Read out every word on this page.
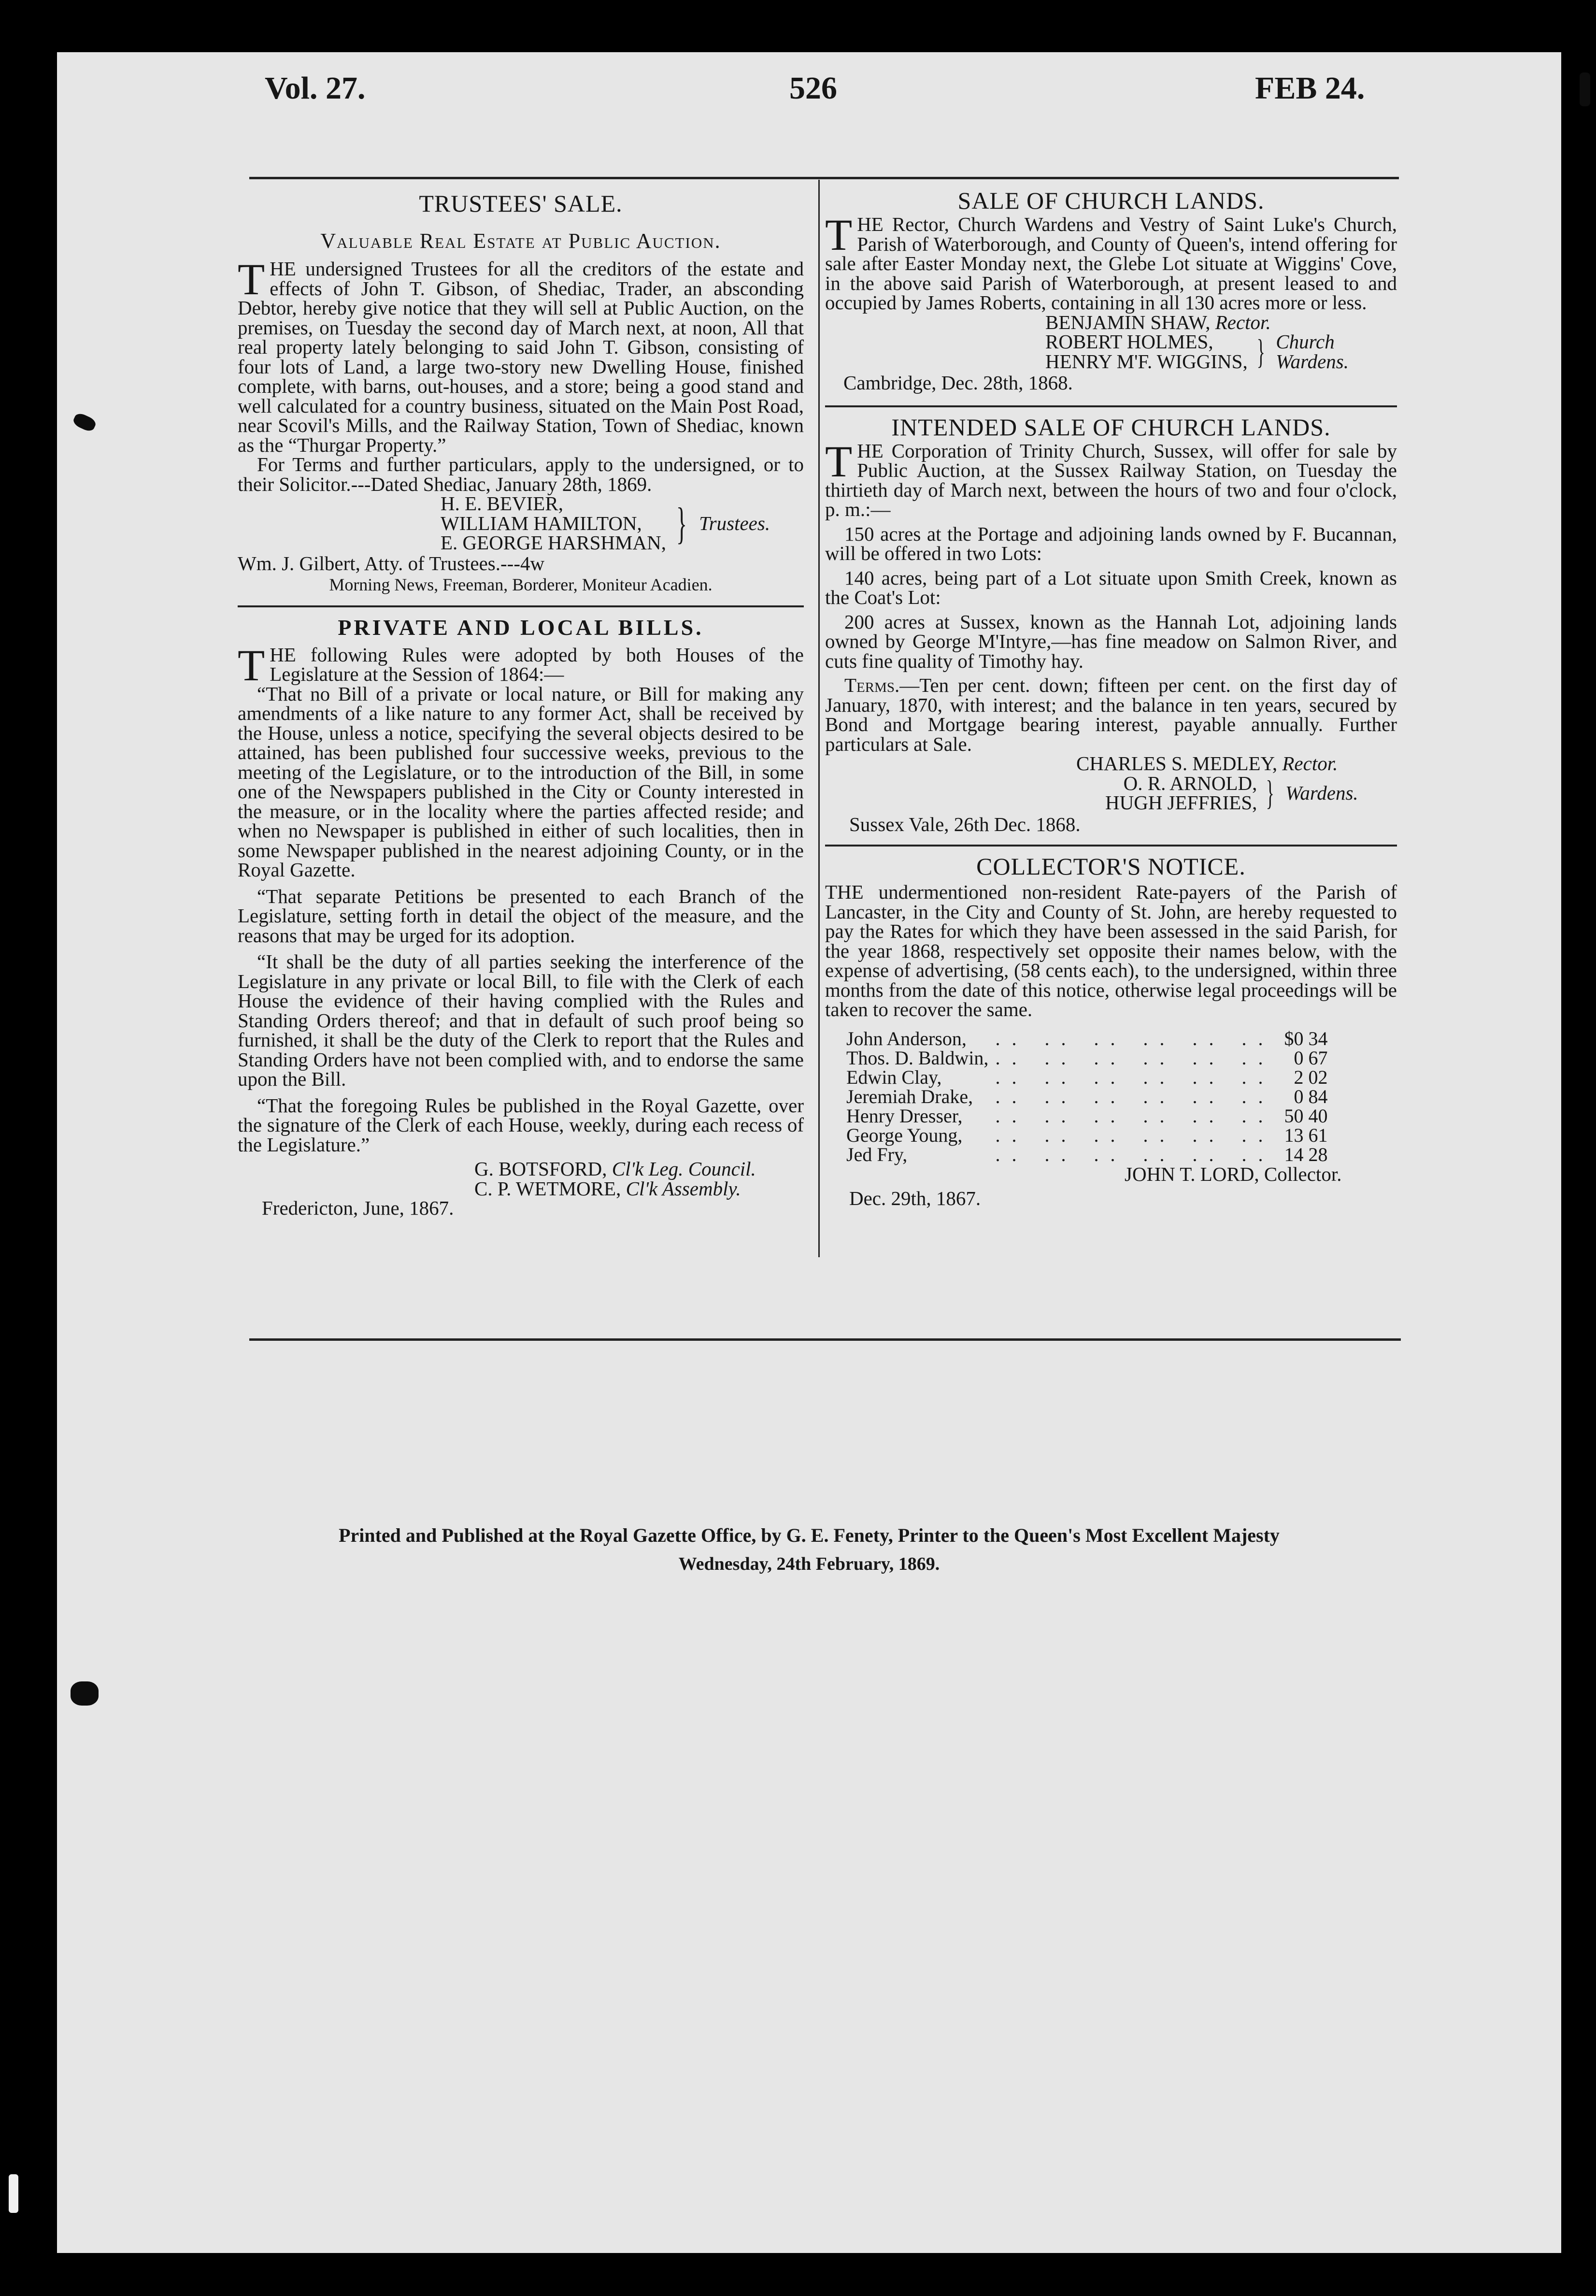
Vol. 27.	526	FEB 24.
TRUSTEES' SALE.
Valuable Real Estate at Public Auction.

THE undersigned Trustees for all the creditors of the estate and effects of John T. Gibson, of Shediac, Trader, an absconding Debtor, hereby give notice that they will sell at Public Auction, on the premises, on Tuesday the second day of March next, at noon, All that real property lately belonging to said John T. Gibson, consisting of four lots of Land, a large two-story new Dwelling House, finished complete, with barns, out-houses, and a store; being a good stand and well calculated for a country business, situated on the Main Post Road, near Scovil's Mills, and the Railway Station, Town of Shediac, known as the “Thurgar Property.”

For Terms and further particulars, apply to the undersigned, or to their Solicitor.---Dated Shediac, January 28th, 1869.

H. E. BEVIER,
WILLIAM HAMILTON,
E. GEORGE HARSHMAN, } Trustees.
Wm. J. Gilbert, Atty. of Trustees.---4w
Morning News, Freeman, Borderer, Moniteur Acadien.
PRIVATE AND LOCAL BILLS.

THE following Rules were adopted by both Houses of the Legislature at the Session of 1864:—

“That no Bill of a private or local nature, or Bill for making any amendments of a like nature to any former Act, shall be received by the House, unless a notice, specifying the several objects desired to be attained, has been published four successive weeks, previous to the meeting of the Legislature, or to the introduction of the Bill, in some one of the Newspapers published in the City or County interested in the measure, or in the locality where the parties affected reside; and when no Newspaper is published in either of such localities, then in some Newspaper published in the nearest adjoining County, or in the Royal Gazette.

“That separate Petitions be presented to each Branch of the Legislature, setting forth in detail the object of the measure, and the reasons that may be urged for its adoption.

“It shall be the duty of all parties seeking the interference of the Legislature in any private or local Bill, to file with the Clerk of each House the evidence of their having complied with the Rules and Standing Orders thereof; and that in default of such proof being so furnished, it shall be the duty of the Clerk to report that the Rules and Standing Orders have not been complied with, and to endorse the same upon the Bill.

“That the foregoing Rules be published in the Royal Gazette, over the signature of the Clerk of each House, weekly, during each recess of the Legislature.”

G. BOTSFORD, Cl'k Leg. Council.
C. P. WETMORE, Cl'k Assembly.
Fredericton, June, 1867.
SALE OF CHURCH LANDS.

THE Rector, Church Wardens and Vestry of Saint Luke's Church, Parish of Waterborough, and County of Queen's, intend offering for sale after Easter Monday next, the Glebe Lot situate at Wiggins' Cove, in the above said Parish of Waterborough, at present leased to and occupied by James Roberts, containing in all 130 acres more or less.

BENJAMIN SHAW, Rector.
ROBERT HOLMES,
HENRY M'F. WIGGINS, } Church
Wardens.
Cambridge, Dec. 28th, 1868.
INTENDED SALE OF CHURCH LANDS.

THE Corporation of Trinity Church, Sussex, will offer for sale by Public Auction, at the Sussex Railway Station, on Tuesday the thirtieth day of March next, between the hours of two and four o'clock, p. m.:—

150 acres at the Portage and adjoining lands owned by F. Bucannan, will be offered in two Lots:

140 acres, being part of a Lot situate upon Smith Creek, known as the Coat's Lot:

200 acres at Sussex, known as the Hannah Lot, adjoining lands owned by George M'Intyre,—has fine meadow on Salmon River, and cuts fine quality of Timothy hay.

Terms.—Ten per cent. down; fifteen per cent. on the first day of January, 1870, with interest; and the balance in ten years, secured by Bond and Mortgage bearing interest, payable annually. Further particulars at Sale.

CHARLES S. MEDLEY, Rector.
O. R. ARNOLD,
HUGH JEFFRIES, } Wardens.
Sussex Vale, 26th Dec. 1868.
COLLECTOR'S NOTICE.

THE undermentioned non-resident Rate-payers of the Parish of Lancaster, in the City and County of St. John, are hereby requested to pay the Rates for which they have been assessed in the said Parish, for the year 1868, respectively set opposite their names below, with the expense of advertising, (58 cents each), to the undersigned, within three months from the date of this notice, otherwise legal proceedings will be taken to recover the same.

John Anderson,	.. .. .. .. .. ..	$0 34
Thos. D. Baldwin,	.. .. .. .. .. ..	0 67
Edwin Clay,	.. .. .. .. .. ..	2 02
Jeremiah Drake,	.. .. .. .. .. ..	0 84
Henry Dresser,	.. .. .. .. .. ..	50 40
George Young,	.. .. .. .. .. ..	13 61
Jed Fry,	.. .. .. .. .. ..	14 28
JOHN T. LORD, Collector.
Dec. 29th, 1867.
Printed and Published at the Royal Gazette Office, by G. E. Fenety, Printer to the Queen's Most Excellent Majesty
Wednesday, 24th February, 1869.
